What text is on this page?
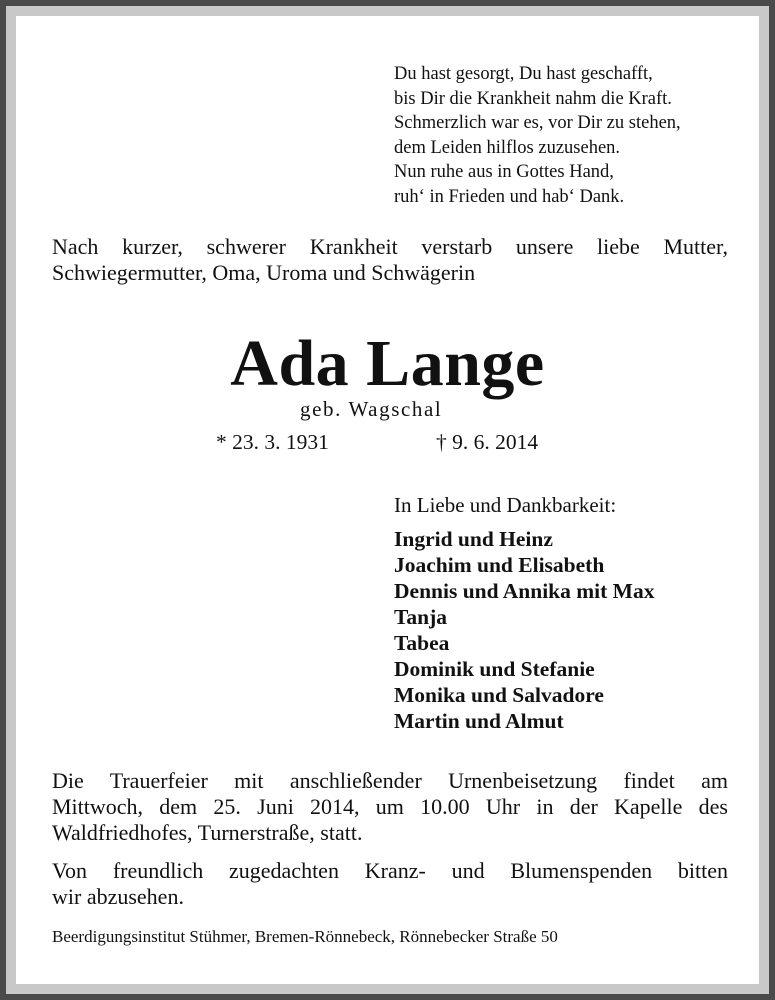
Du hast gesorgt, Du hast geschafft,
bis Dir die Krankheit nahm die Kraft.
Schmerzlich war es, vor Dir zu stehen,
dem Leiden hilflos zuzusehen.
Nun ruhe aus in Gottes Hand,
ruh‘ in Frieden und hab‘ Dank.
Nach kurzer, schwerer Krankheit verstarb unsere liebe Mutter,
Schwiegermutter, Oma, Uroma und Schwägerin
Ada Lange
geb. Wagschal
* 23. 3. 1931	† 9. 6. 2014
In Liebe und Dankbarkeit:
Ingrid und Heinz
Joachim und Elisabeth
Dennis und Annika mit Max
Tanja
Tabea
Dominik und Stefanie
Monika und Salvadore
Martin und Almut
Die Trauerfeier mit anschließender Urnenbeisetzung findet am
Mittwoch, dem 25. Juni 2014, um 10.00 Uhr in der Kapelle des
Waldfriedhofes, Turnerstraße, statt.
Von freundlich zugedachten Kranz- und Blumenspenden bitten
wir abzusehen.
Beerdigungsinstitut Stühmer, Bremen-Rönnebeck, Rönnebecker Straße 50
